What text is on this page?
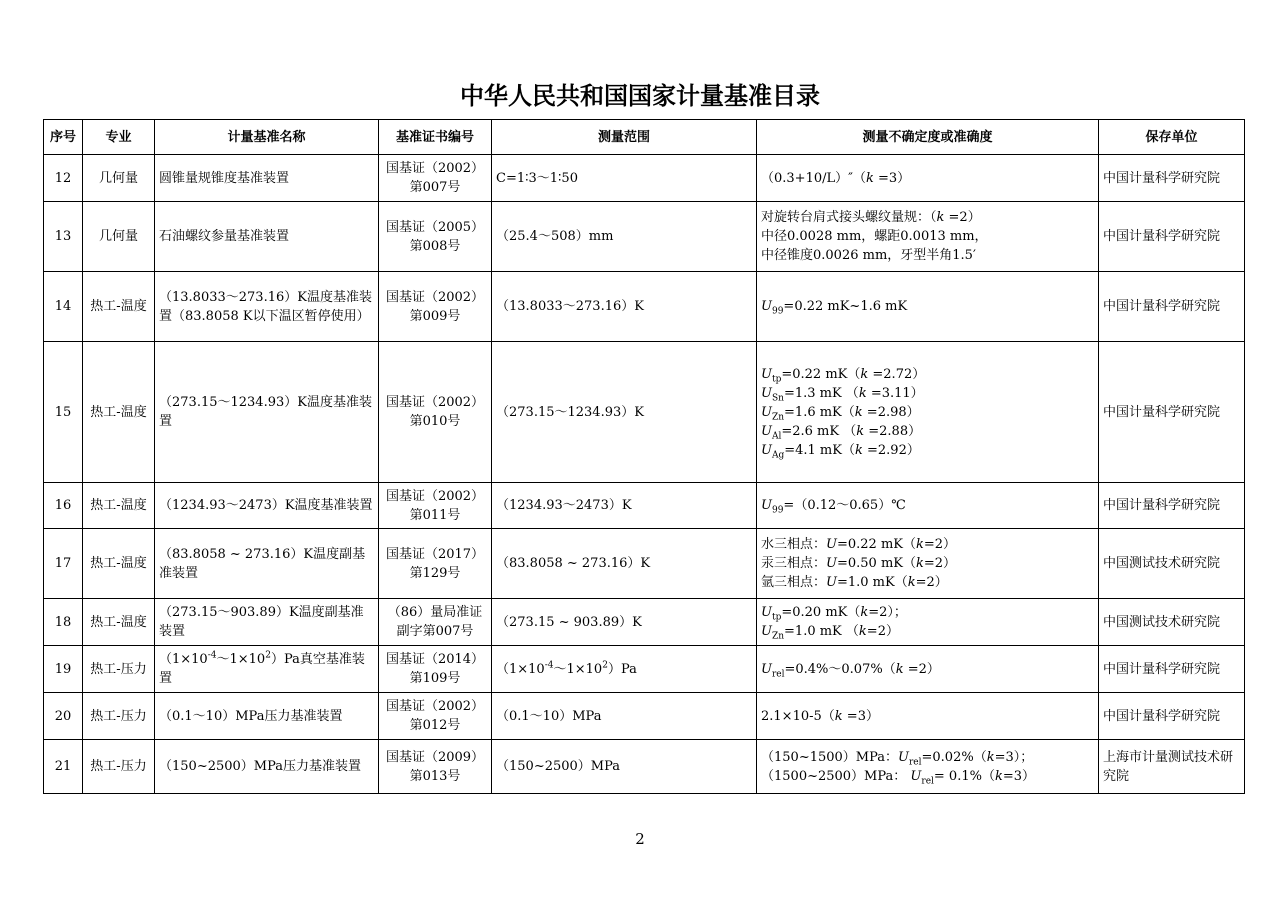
中华人民共和国国家计量基准目录
序号	专业	计量基准名称	基准证书编号	测量范围	测量不确定度或准确度	保存单位
12	几何量	圆锥量规锥度基准装置	国基证（2002）第007号	C=1∶3～1∶50	（0.3+10/L）″（k =3）	中国计量科学研究院
13	几何量	石油螺纹参量基准装置	国基证（2005）第008号	（25.4～508）mm	对旋转台肩式接头螺纹量规：（k =2）
中径0.0028 mm，螺距0.0013 mm，
中径锥度0.0026 mm，牙型半角1.5′	中国计量科学研究院
14	热工-温度	（13.8033～273.16）K温度基准装置（83.8058 K以下温区暂停使用）	国基证（2002）第009号	（13.8033～273.16）K	$U_{99}=0.22$ mK~1.6 mK	中国计量科学研究院
15	热工-温度	（273.15～1234.93）K温度基准装置	国基证（2002）第010号	（273.15～1234.93）K	$U_{tp}=0.22$ mK（k =2.72）
$U_{Sn}=1.3$ mK （k =3.11）
$U_{Zn}=1.6$ mK（k =2.98）
$U_{Al}=2.6$ mK （k =2.88）
$U_{Ag}=4.1$ mK（k =2.92）	中国计量科学研究院
16	热工-温度	（1234.93～2473）K温度基准装置	国基证（2002）第011号	（1234.93～2473）K	$U_{99}=(0.12\sim 0.65)℃$	中国计量科学研究院
17	热工-温度	（83.8058 ~ 273.16）K温度副基准装置	国基证（2017）第129号	（83.8058 ~ 273.16）K	水三相点：U=0.22 mK（k=2）
汞三相点：U=0.50 mK（k=2）
氩三相点：U=1.0 mK（k=2）	中国测试技术研究院
18	热工-温度	（273.15～903.89）K温度副基准装置	（86）量局准证副字第007号	（273.15 ~ 903.89）K	$U_{tp}=0.20$ mK（k=2）；
$U_{Zn}=1.0$ mK （k=2）	中国测试技术研究院
19	热工-压力	$(1\times 10^{-4}\sim 1\times 10^2)Pa$真空基准装置	国基证（2014）第109号	$(1\times 10^{-4}\sim 1\times 10^2)Pa$	$U_{rel}=0.4\%\sim 0.07\%(k =2)$	中国计量科学研究院
20	热工-压力	（0.1～10）MPa压力基准装置	国基证（2002）第012号	（0.1～10）MPa	2.1×10-5（k =3）	中国计量科学研究院
21	热工-压力	（150~2500）MPa压力基准装置	国基证（2009）第013号	（150~2500）MPa	（150~1500）MPa：$U_{rel}=0.02\%(k=3)$；
（1500~2500）MPa： $U_{rel}= 0.1\%(k=3)$	上海市计量测试技术研究院
2
